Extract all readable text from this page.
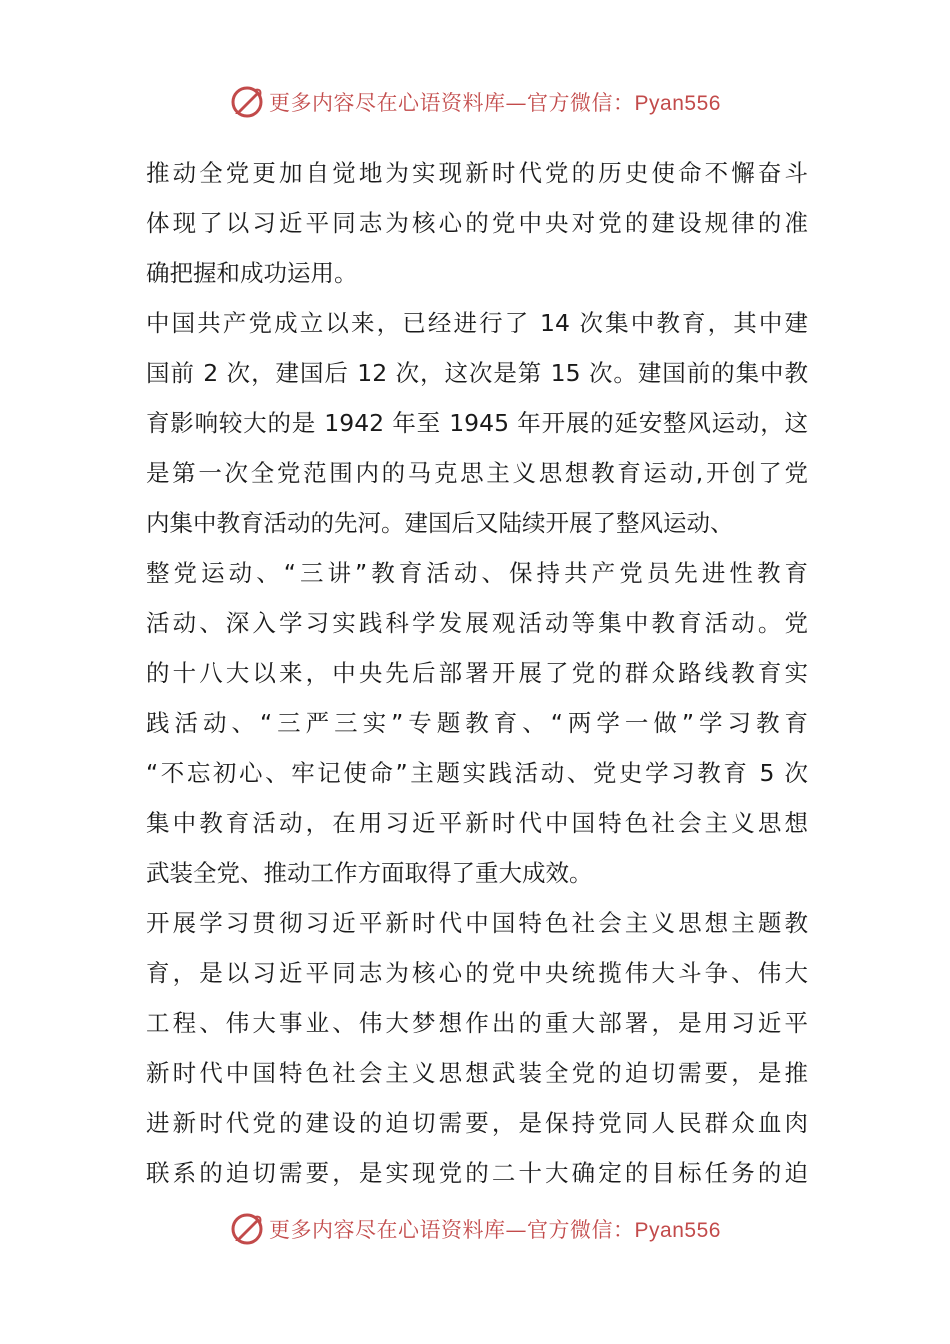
更多内容尽在心语资料库—官方微信：Pyan556
推动全党更加自觉地为实现新时代党的历史使命不懈奋斗
体现了以习近平同志为核心的党中央对党的建设规律的准
确把握和成功运用。
中国共产党成立以来，已经进行了 14 次集中教育，其中建
国前 2 次，建国后 12 次，这次是第 15 次。建国前的集中教
育影响较大的是 1942 年至 1945 年开展的延安整风运动，这
是第一次全党范围内的马克思主义思想教育运动,开创了党
内集中教育活动的先河。建国后又陆续开展了整风运动、
整党运动、“三讲”教育活动、保持共产党员先进性教育
活动、深入学习实践科学发展观活动等集中教育活动。党
的十八大以来，中央先后部署开展了党的群众路线教育实
践活动、“三严三实”专题教育、“两学一做”学习教育
“不忘初心、牢记使命”主题实践活动、党史学习教育 5 次
集中教育活动，在用习近平新时代中国特色社会主义思想
武装全党、推动工作方面取得了重大成效。
开展学习贯彻习近平新时代中国特色社会主义思想主题教
育，是以习近平同志为核心的党中央统揽伟大斗争、伟大
工程、伟大事业、伟大梦想作出的重大部署，是用习近平
新时代中国特色社会主义思想武装全党的迫切需要，是推
进新时代党的建设的迫切需要，是保持党同人民群众血肉
联系的迫切需要，是实现党的二十大确定的目标任务的迫
更多内容尽在心语资料库—官方微信：Pyan556
